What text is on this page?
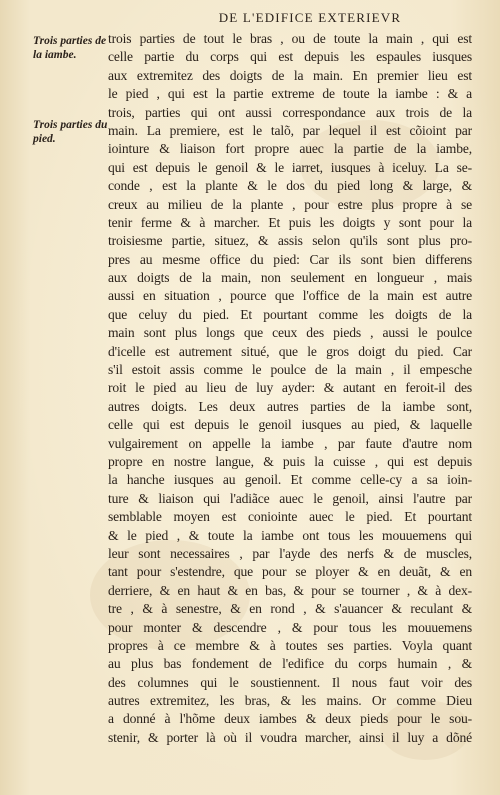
DE L'EDIFICE EXTERIEVR
Trois parties de la iambe.
Trois parties du pied.
trois parties de tout le bras , ou de toute la main , qui est
celle partie du corps qui est depuis les espaules iusques
aux extremitez des doigts de la main. En premier lieu est
le pied , qui est la partie extreme de toute la iambe : & a
trois, parties qui ont aussi correspondance aux trois de la
main. La premiere, est le talõ, par lequel il est cõioint par
iointure & liaison fort propre auec la partie de la iambe,
qui est depuis le genoil & le iarret, iusques à iceluy. La se-
conde , est la plante & le dos du pied long & large, &
creux au milieu de la plante , pour estre plus propre à se
tenir ferme & à marcher. Et puis les doigts y sont pour la
troisiesme partie, situez, & assis selon qu'ils sont plus pro-
pres au mesme office du pied: Car ils sont bien differens
aux doigts de la main, non seulement en longueur , mais
aussi en situation , pource que l'office de la main est autre
que celuy du pied. Et pourtant comme les doigts de la
main sont plus longs que ceux des pieds , aussi le poulce
d'icelle est autrement situé, que le gros doigt du pied. Car
s'il estoit assis comme le poulce de la main , il empesche
roit le pied au lieu de luy ayder: & autant en feroit-il des
autres doigts. Les deux autres parties de la iambe sont,
celle qui est depuis le genoil iusques au pied, & laquelle
vulgairement on appelle la iambe , par faute d'autre nom
propre en nostre langue, & puis la cuisse , qui est depuis
la hanche iusques au genoil. Et comme celle-cy a sa ioin-
ture & liaison qui l'adiãce auec le genoil, ainsi l'autre par
semblable moyen est coniointe auec le pied. Et pourtant
& le pied , & toute la iambe ont tous les mouuemens qui
leur sont necessaires , par l'ayde des nerfs & de muscles,
tant pour s'estendre, que pour se ployer & en deuãt, & en
derriere, & en haut & en bas, & pour se tourner , & à dex-
tre , & à senestre, & en rond , & s'auancer & reculant &
pour monter & descendre , & pour tous les mouuemens
propres à ce membre & à toutes ses parties. Voyla quant
au plus bas fondement de l'edifice du corps humain , &
des columnes qui le soustiennent. Il nous faut voir des
autres extremitez, les bras, & les mains. Or comme Dieu
a donné à l'hõme deux iambes & deux pieds pour le sou-
stenir, & porter là où il voudra marcher, ainsi il luy a dõné
